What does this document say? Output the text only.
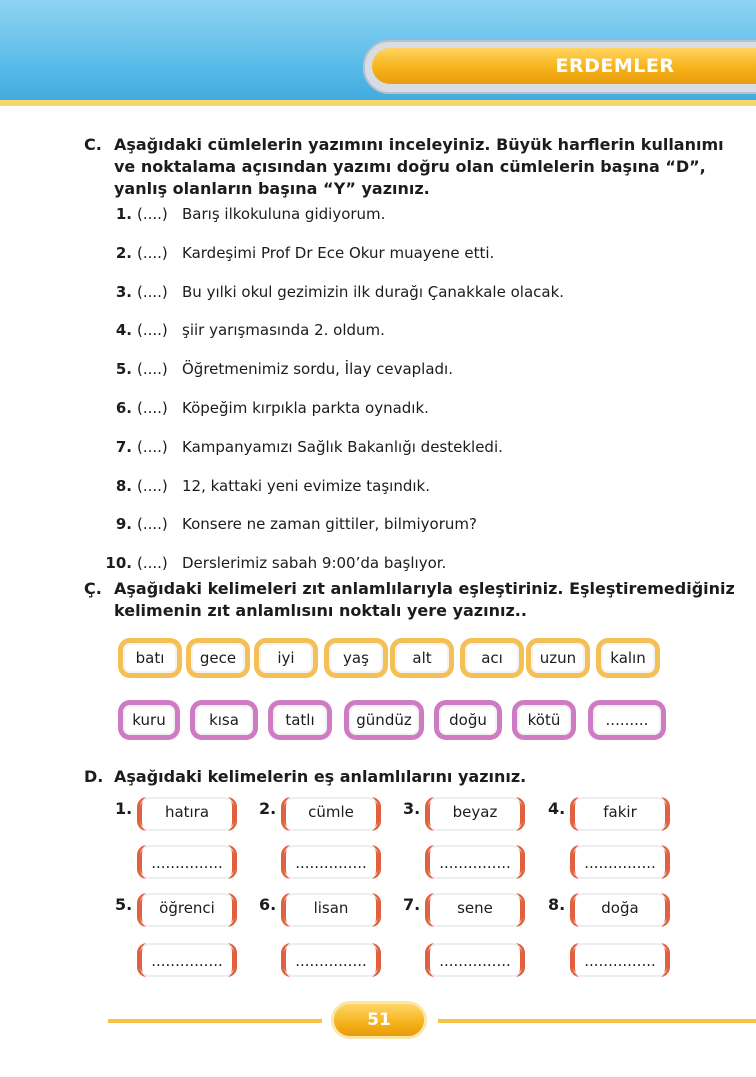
ERDEMLER
C. Aşağıdaki cümlelerin yazımını inceleyiniz. Büyük harflerin kullanımı
ve noktalama açısından yazımı doğru olan cümlelerin başına “D”,
yanlış olanların başına “Y” yazınız.
1. (....) Barış ilkokuluna gidiyorum.
2. (....) Kardeşimi Prof Dr Ece Okur muayene etti.
3. (....) Bu yılki okul gezimizin ilk durağı Çanakkale olacak.
4. (....) şiir yarışmasında 2. oldum.
5. (....) Öğretmenimiz sordu, İlay cevapladı.
6. (....) Köpeğim kırpıkla parkta oynadık.
7. (....) Kampanyamızı Sağlık Bakanlığı destekledi.
8. (....) 12, kattaki yeni evimize taşındık.
9. (....) Konsere ne zaman gittiler, bilmiyorum?
10. (....) Derslerimiz sabah 9:00’da başlıyor.
Ç. Aşağıdaki kelimeleri zıt anlamlılarıyla eşleştiriniz. Eşleştiremediğiniz
kelimenin zıt anlamlısını noktalı yere yazınız..
batı	gece	iyi	yaş	alt	acı	uzun	kalın
kuru	kısa	tatlı	gündüz	doğu	kötü	.........
D. Aşağıdaki kelimelerin eş anlamlılarını yazınız.
1.	hatıra
...............
2.	cümle
...............
3.	beyaz
...............
4.	fakir
...............
5.	öğrenci
...............
6.	lisan
...............
7.	sene
...............
8.	doğa
...............
51
